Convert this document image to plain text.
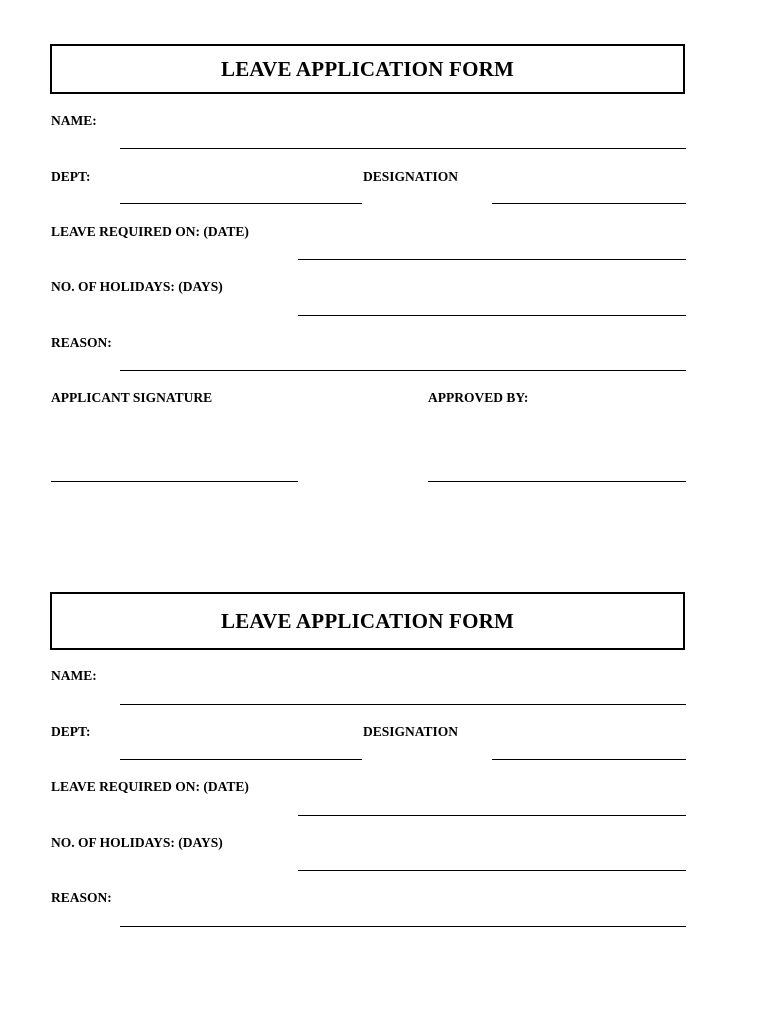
LEAVE APPLICATION FORM
NAME:
DEPT:	DESIGNATION
LEAVE REQUIRED ON: (DATE)
NO. OF HOLIDAYS: (DAYS)
REASON:
APPLICANT SIGNATURE	APPROVED BY:
LEAVE APPLICATION FORM
NAME:
DEPT:	DESIGNATION
LEAVE REQUIRED ON: (DATE)
NO. OF HOLIDAYS: (DAYS)
REASON:
